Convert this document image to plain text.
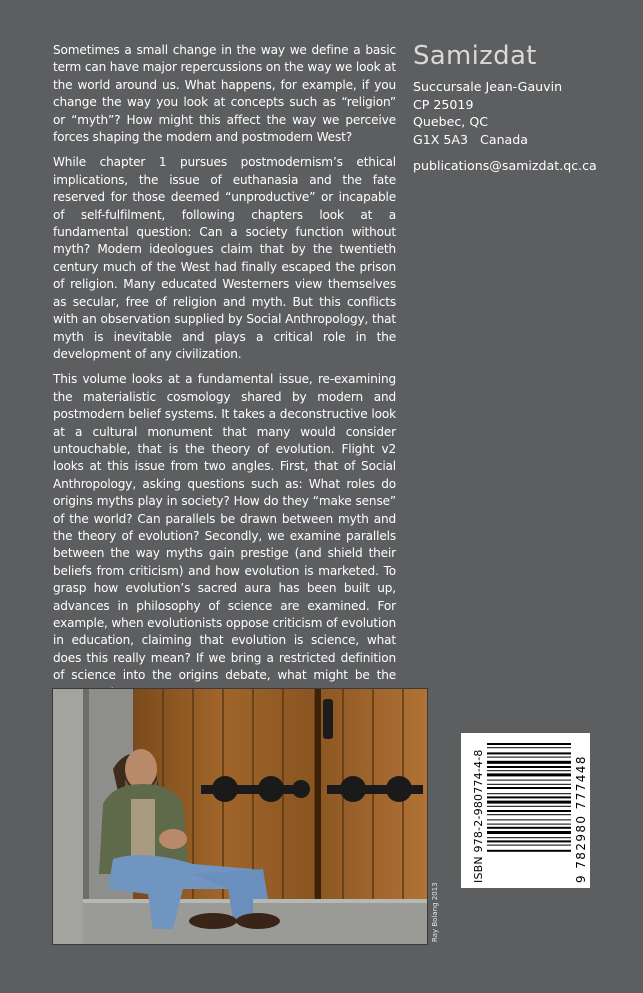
Sometimes a small change in the way we define a basic term can have major repercussions on the way we look at the world around us. What happens, for example, if you change the way you look at concepts such as “religion” or “myth”? How might this affect the way we perceive forces shaping the modern and postmodern West?

While chapter 1 pursues postmodernism’s ethical implications, the issue of euthanasia and the fate reserved for those deemed “unproductive” or incapable of self-fulfilment, following chapters look at a fundamental question: Can a society function without myth? Modern ideologues claim that by the twentieth century much of the West had finally escaped the prison of religion. Many educated Westerners view themselves as secular, free of religion and myth. But this conflicts with an observation supplied by Social Anthropology, that myth is inevitable and plays a critical role in the development of any civilization.

This volume looks at a fundamental issue, re-examining the materialistic cosmology shared by modern and postmodern belief systems. It takes a deconstructive look at a cultural monument that many would consider untouchable, that is the theory of evolution. Flight v2 looks at this issue from two angles. First, that of Social Anthropology, asking questions such as: What roles do origins myths play in society? How do they “make sense” of the world? Can parallels be drawn between myth and the theory of evolution? Secondly, we examine parallels between the way myths gain prestige (and shield their beliefs from criticism) and how evolution is marketed. To grasp how evolution’s sacred aura has been built up, advances in philosophy of science are examined. For example, when evolutionists oppose criticism of evolution in education, claiming that evolution is science, what does this really mean? If we bring a restricted definition of science into the origins debate, what might be the

Samizdat
Succursale Jean-Gauvin
CP 25019
Quebec, QC
G1X 5A3   Canada
publications@samizdat.qc.ca
Ray Bolang 2013
ISBN 978-2-980774-4-8	9 782980 777448
